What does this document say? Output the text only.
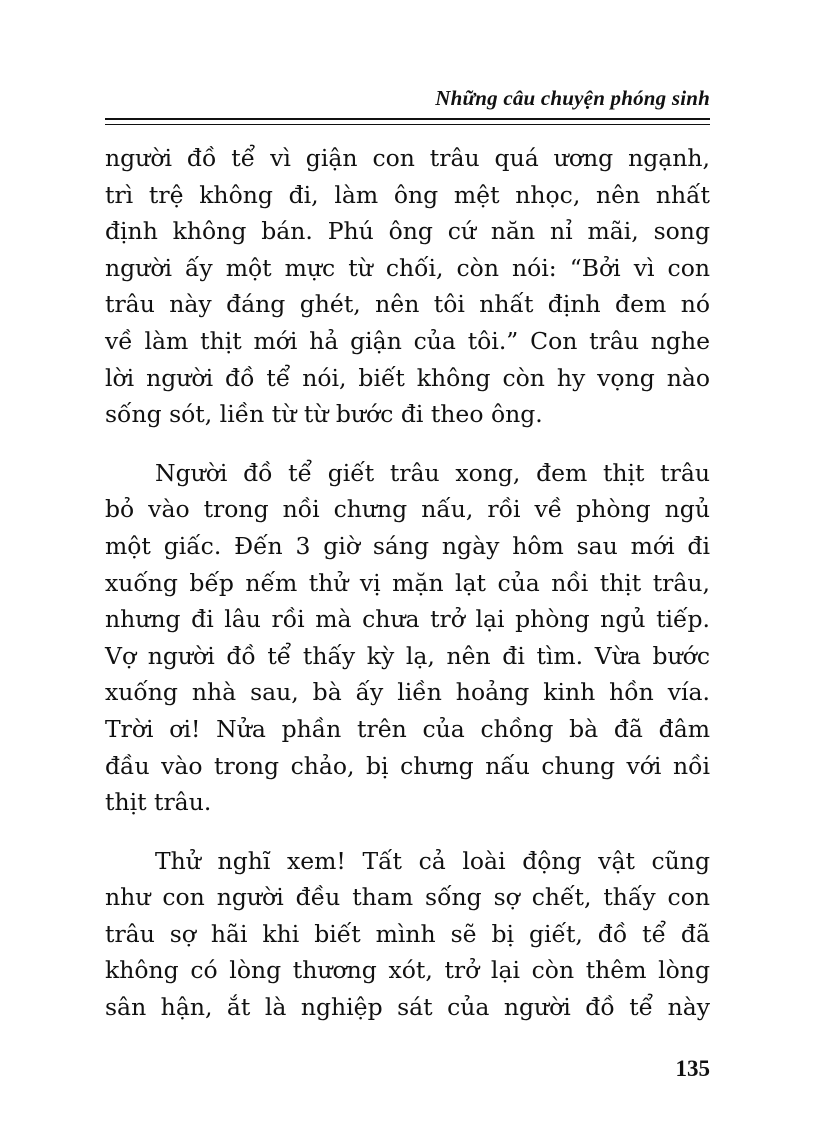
Những câu chuyện phóng sinh

người đồ tể vì giận con trâu quá ương ngạnh,
trì trệ không đi, làm ông mệt nhọc, nên nhất
định không bán. Phú ông cứ năn nỉ mãi, song
người ấy một mực từ chối, còn nói: “Bởi vì con
trâu này đáng ghét, nên tôi nhất định đem nó
về làm thịt mới hả giận của tôi.” Con trâu nghe
lời người đồ tể nói, biết không còn hy vọng nào
sống sót, liền từ từ bước đi theo ông.

Người đồ tể giết trâu xong, đem thịt trâu
bỏ vào trong nồi chưng nấu, rồi về phòng ngủ
một giấc. Đến 3 giờ sáng ngày hôm sau mới đi
xuống bếp nếm thử vị mặn lạt của nồi thịt trâu,
nhưng đi lâu rồi mà chưa trở lại phòng ngủ tiếp.
Vợ người đồ tể thấy kỳ lạ, nên đi tìm. Vừa bước
xuống nhà sau, bà ấy liền hoảng kinh hồn vía.
Trời ơi! Nửa phần trên của chồng bà đã đâm
đầu vào trong chảo, bị chưng nấu chung với nồi
thịt trâu.

Thử nghĩ xem! Tất cả loài động vật cũng
như con người đều tham sống sợ chết, thấy con
trâu sợ hãi khi biết mình sẽ bị giết, đồ tể đã
không có lòng thương xót, trở lại còn thêm lòng
sân hận, ắt là nghiệp sát của người đồ tể này

135
